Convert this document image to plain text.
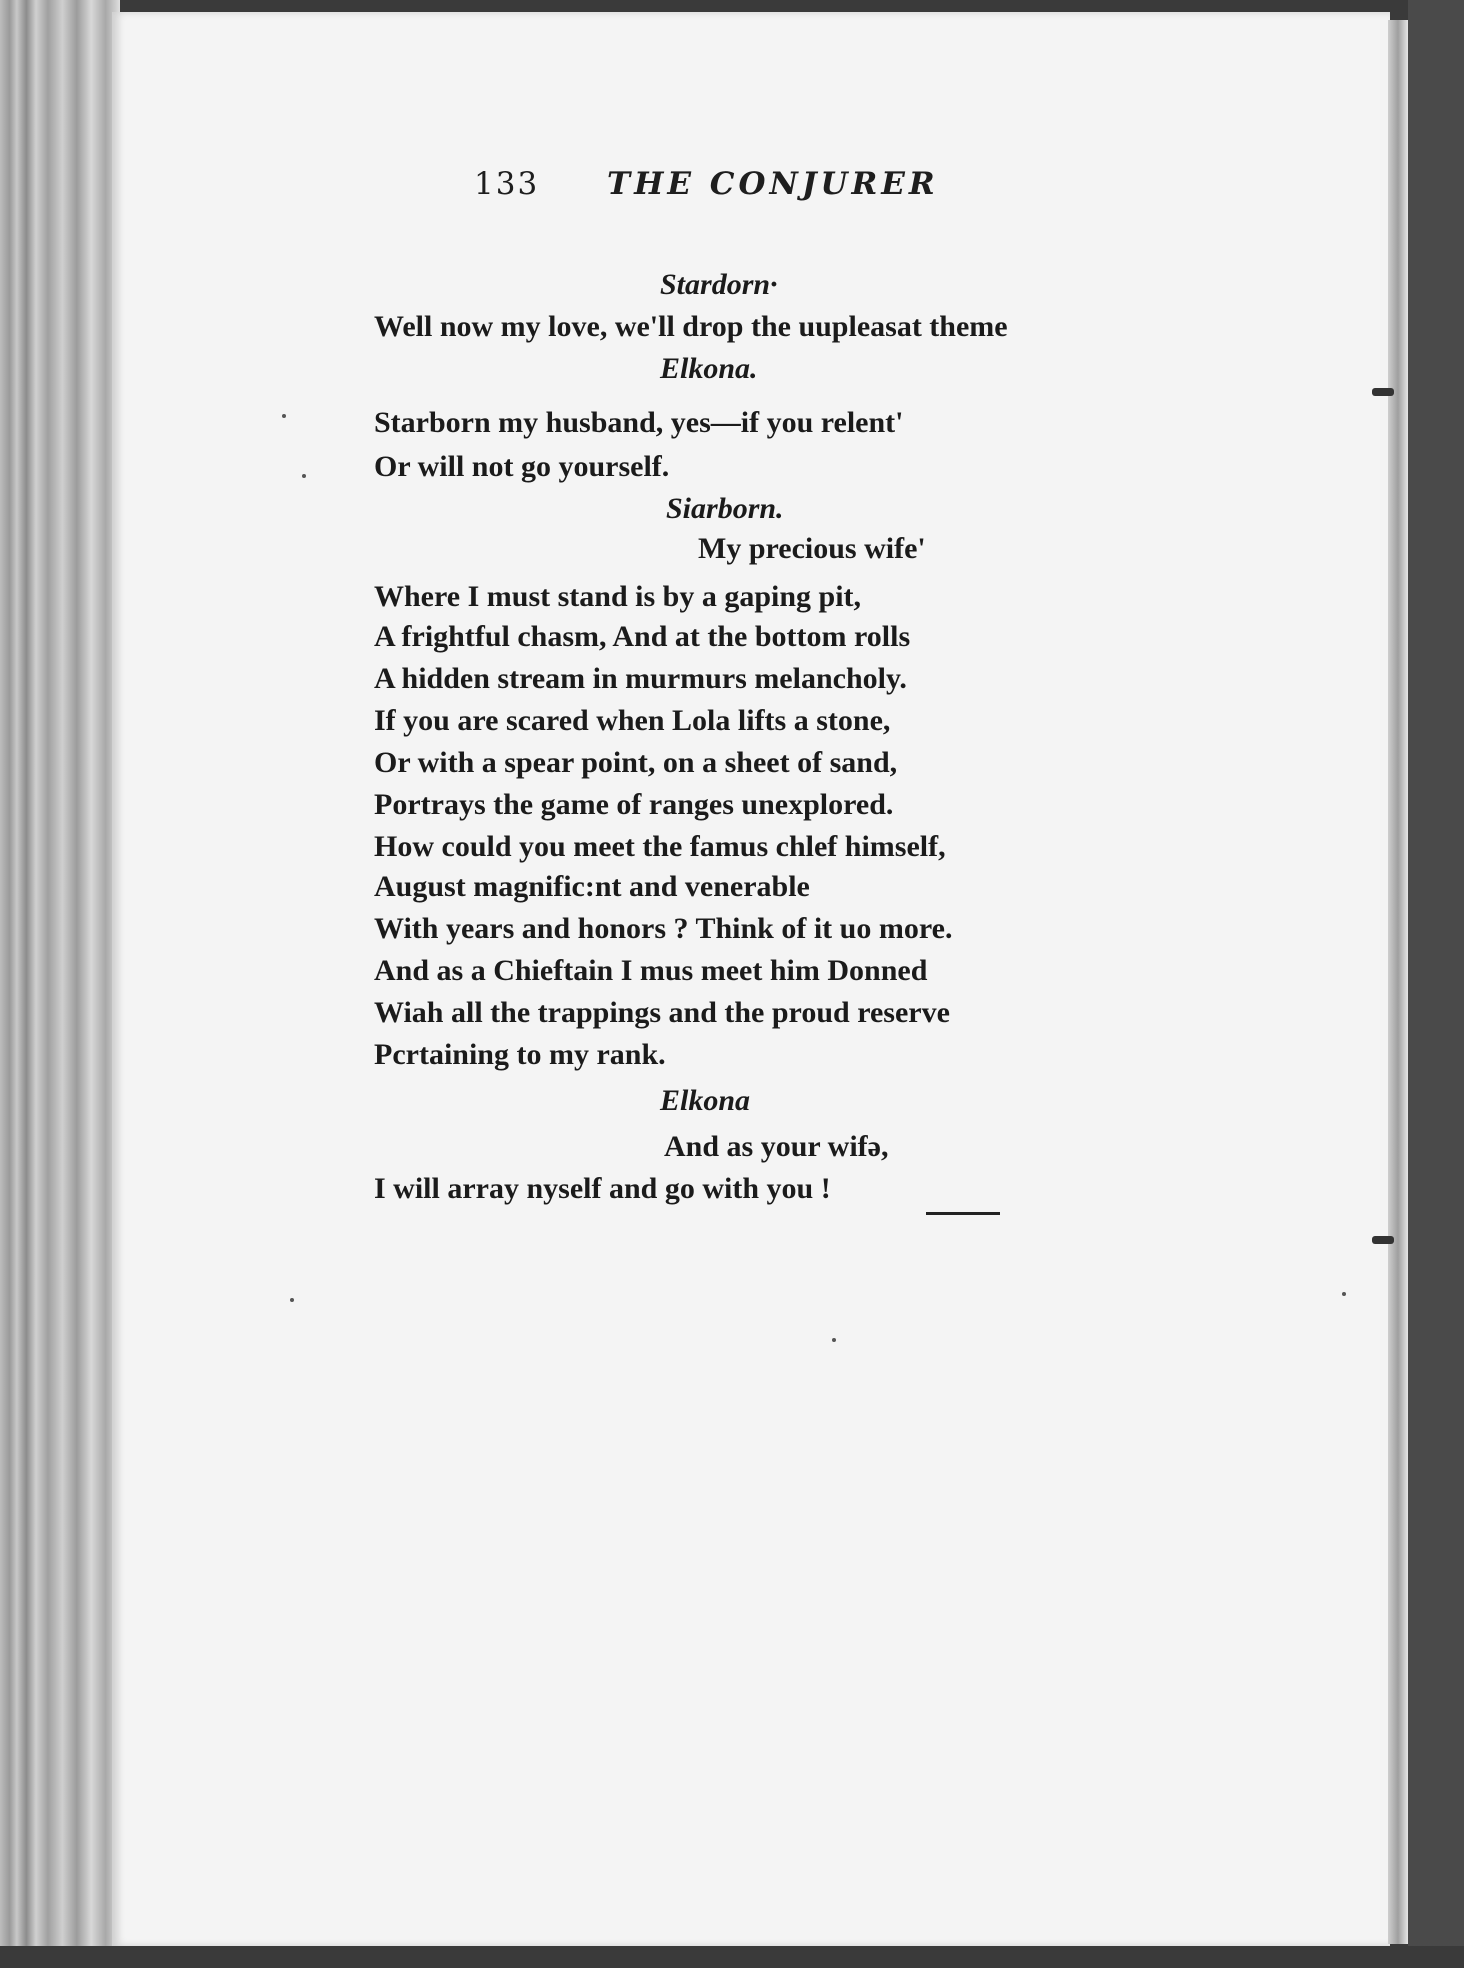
133 THE CONJURER
Stardorn·
Well now my love, we'll drop the uupleasat theme
Elkona.
Starborn my husband, yes—if you relent'
Or will not go yourself.
Siarborn.
My precious wife'
Where I must stand is by a gaping pit,
A frightful chasm, And at the bottom rolls
A hidden stream in murmurs melancholy.
If you are scared when Lola lifts a stone,
Or with a spear point, on a sheet of sand,
Portrays the game of ranges unexplored.
How could you meet the famus chlef himself,
August magnific:nt and venerable
With years and honors ? Think of it uo more.
And as a Chieftain I mus meet him Donned
Wiah all the trappings and the proud reserve
Pcrtaining to my rank.
Elkona
And as your wifə,
I will array nyself and go with you !
